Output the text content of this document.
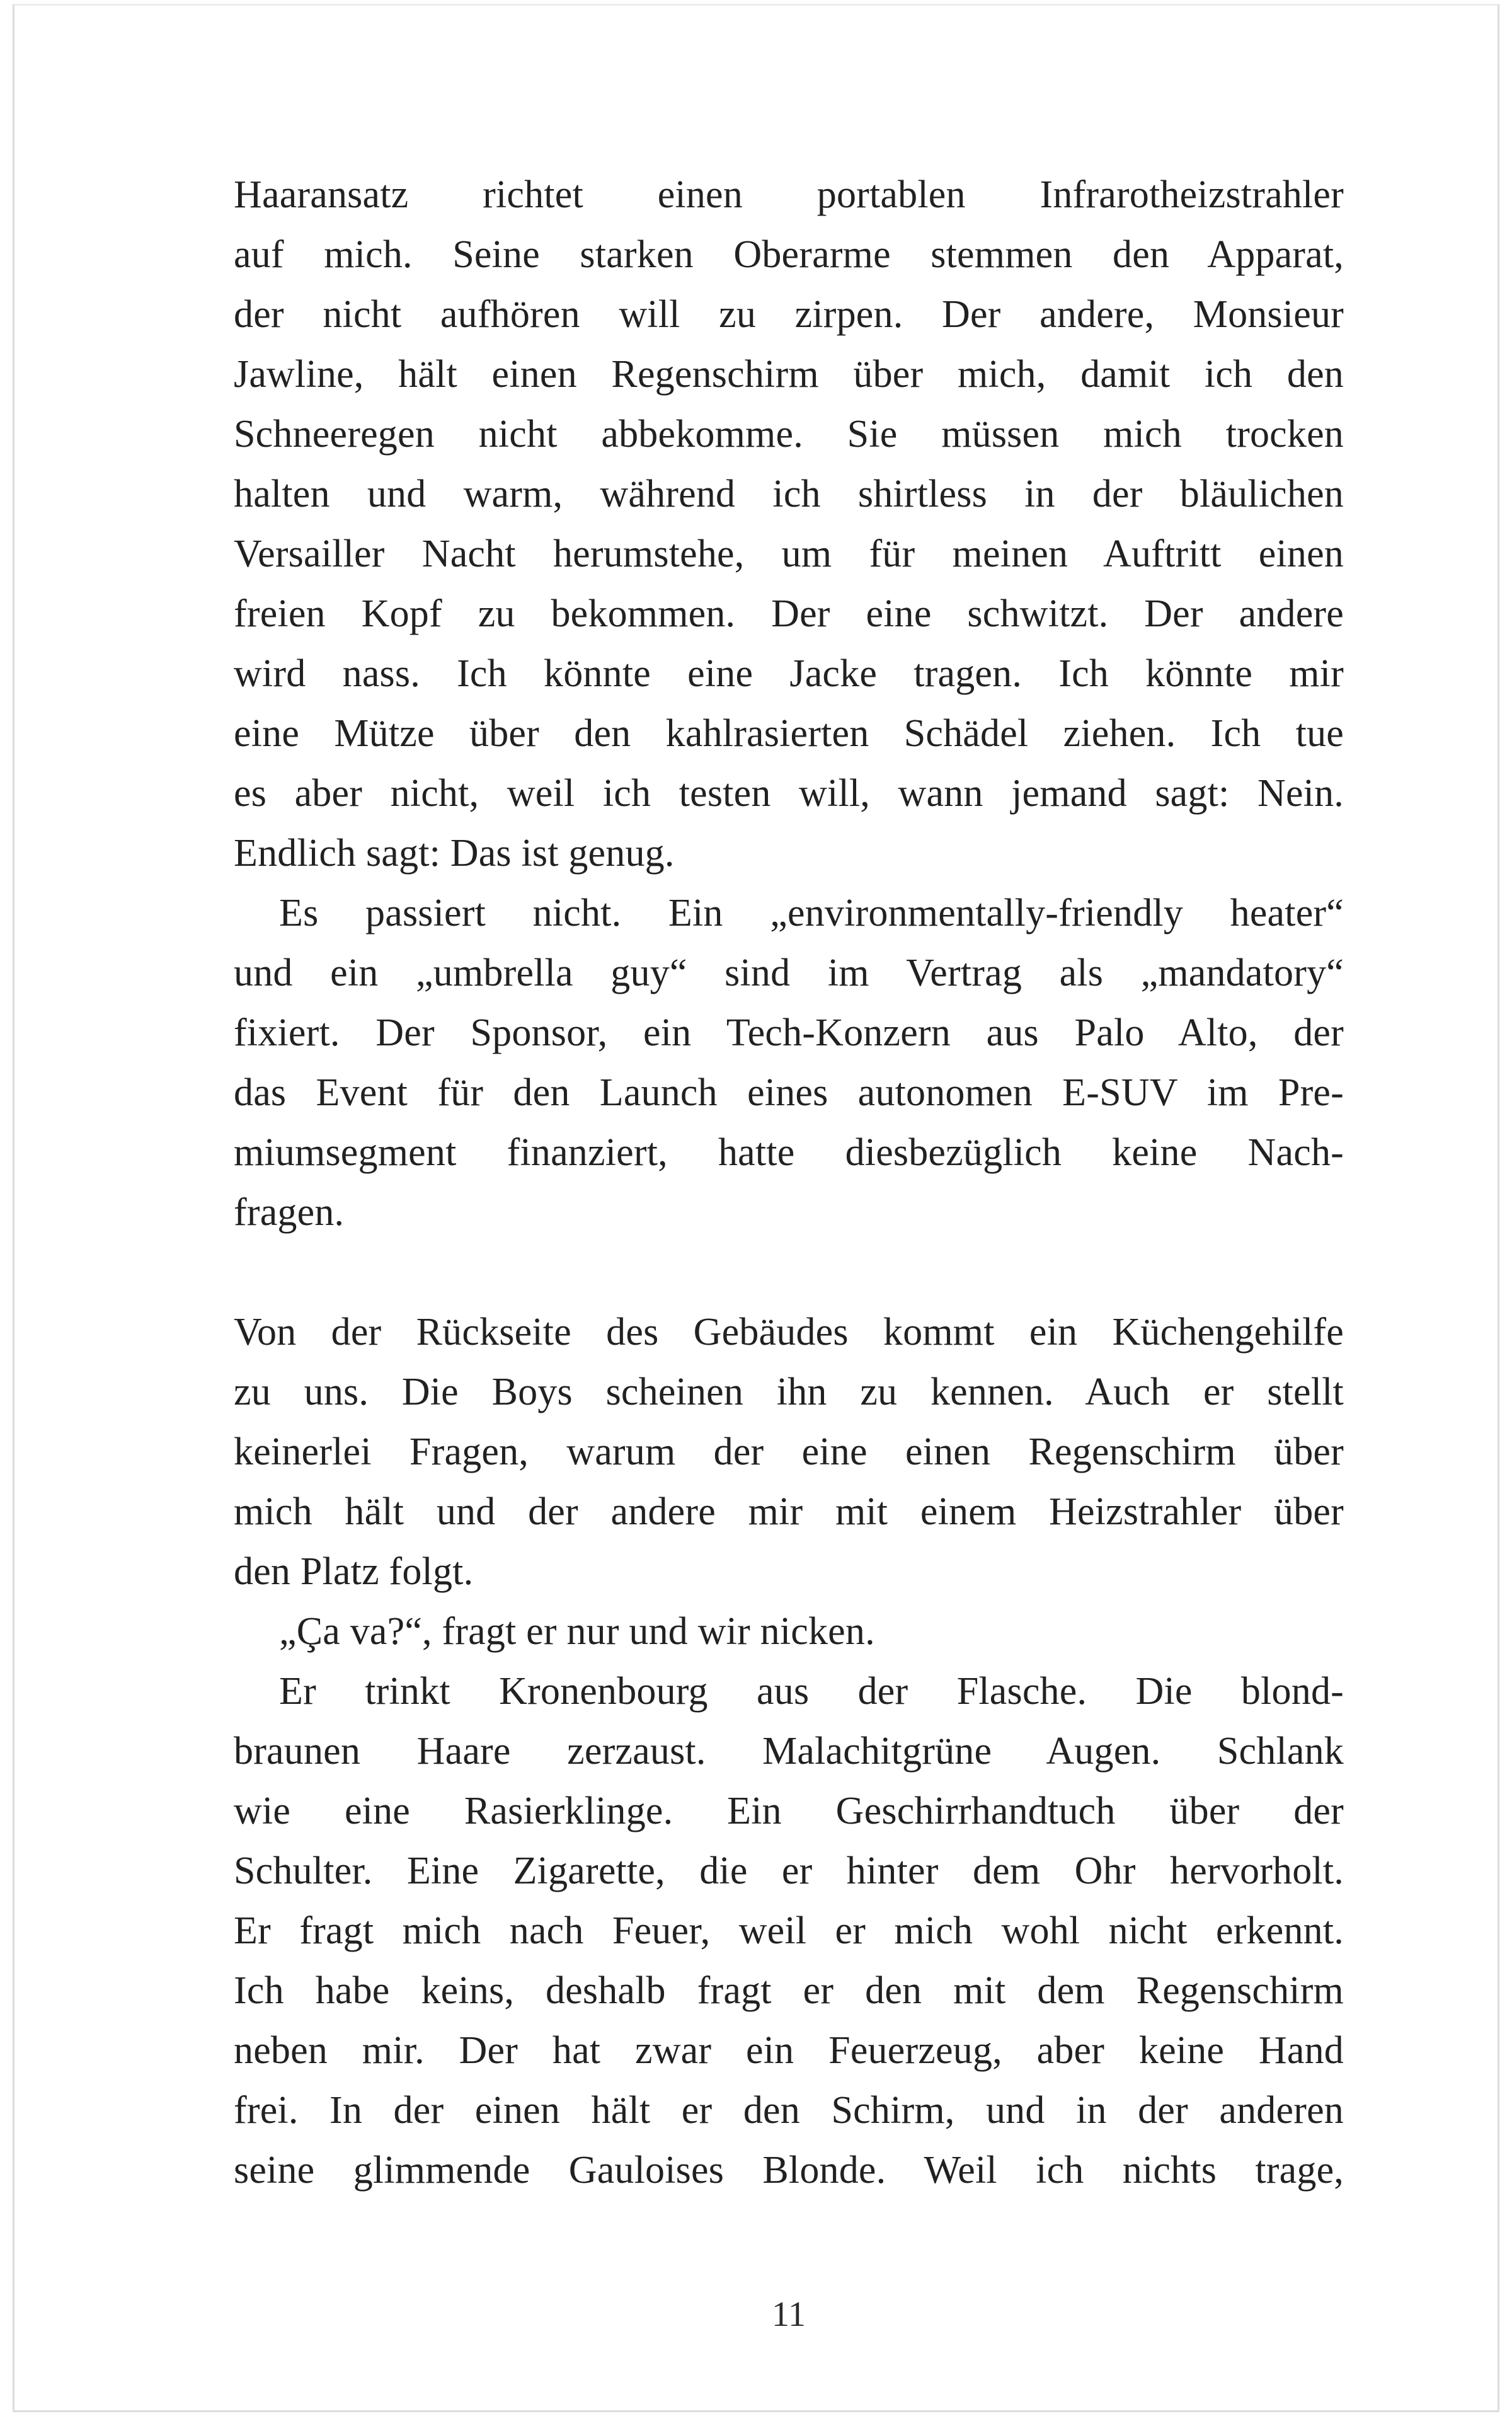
Haaransatz richtet einen portablen Infrarotheizstrahler
auf mich. Seine starken Oberarme stemmen den Apparat,
der nicht aufhören will zu zirpen. Der andere, Monsieur
Jawline, hält einen Regenschirm über mich, damit ich den
Schneeregen nicht abbekomme. Sie müssen mich trocken
halten und warm, während ich shirtless in der bläulichen
Versailler Nacht herumstehe, um für meinen Auftritt einen
freien Kopf zu bekommen. Der eine schwitzt. Der andere
wird nass. Ich könnte eine Jacke tragen. Ich könnte mir
eine Mütze über den kahlrasierten Schädel ziehen. Ich tue
es aber nicht, weil ich testen will, wann jemand sagt: Nein.
Endlich sagt: Das ist genug.
Es passiert nicht. Ein „environmentally-friendly heater“
und ein „umbrella guy“ sind im Vertrag als „mandatory“
fixiert. Der Sponsor, ein Tech-Konzern aus Palo Alto, der
das Event für den Launch eines autonomen E-SUV im Pre-
miumsegment finanziert, hatte diesbezüglich keine Nach-
fragen.
Von der Rückseite des Gebäudes kommt ein Küchengehilfe
zu uns. Die Boys scheinen ihn zu kennen. Auch er stellt
keinerlei Fragen, warum der eine einen Regenschirm über
mich hält und der andere mir mit einem Heizstrahler über
den Platz folgt.
„Ça va?“, fragt er nur und wir nicken.
Er trinkt Kronenbourg aus der Flasche. Die blond-
braunen Haare zerzaust. Malachitgrüne Augen. Schlank
wie eine Rasierklinge. Ein Geschirrhandtuch über der
Schulter. Eine Zigarette, die er hinter dem Ohr hervorholt.
Er fragt mich nach Feuer, weil er mich wohl nicht erkennt.
Ich habe keins, deshalb fragt er den mit dem Regenschirm
neben mir. Der hat zwar ein Feuerzeug, aber keine Hand
frei. In der einen hält er den Schirm, und in der anderen
seine glimmende Gauloises Blonde. Weil ich nichts trage,
11
